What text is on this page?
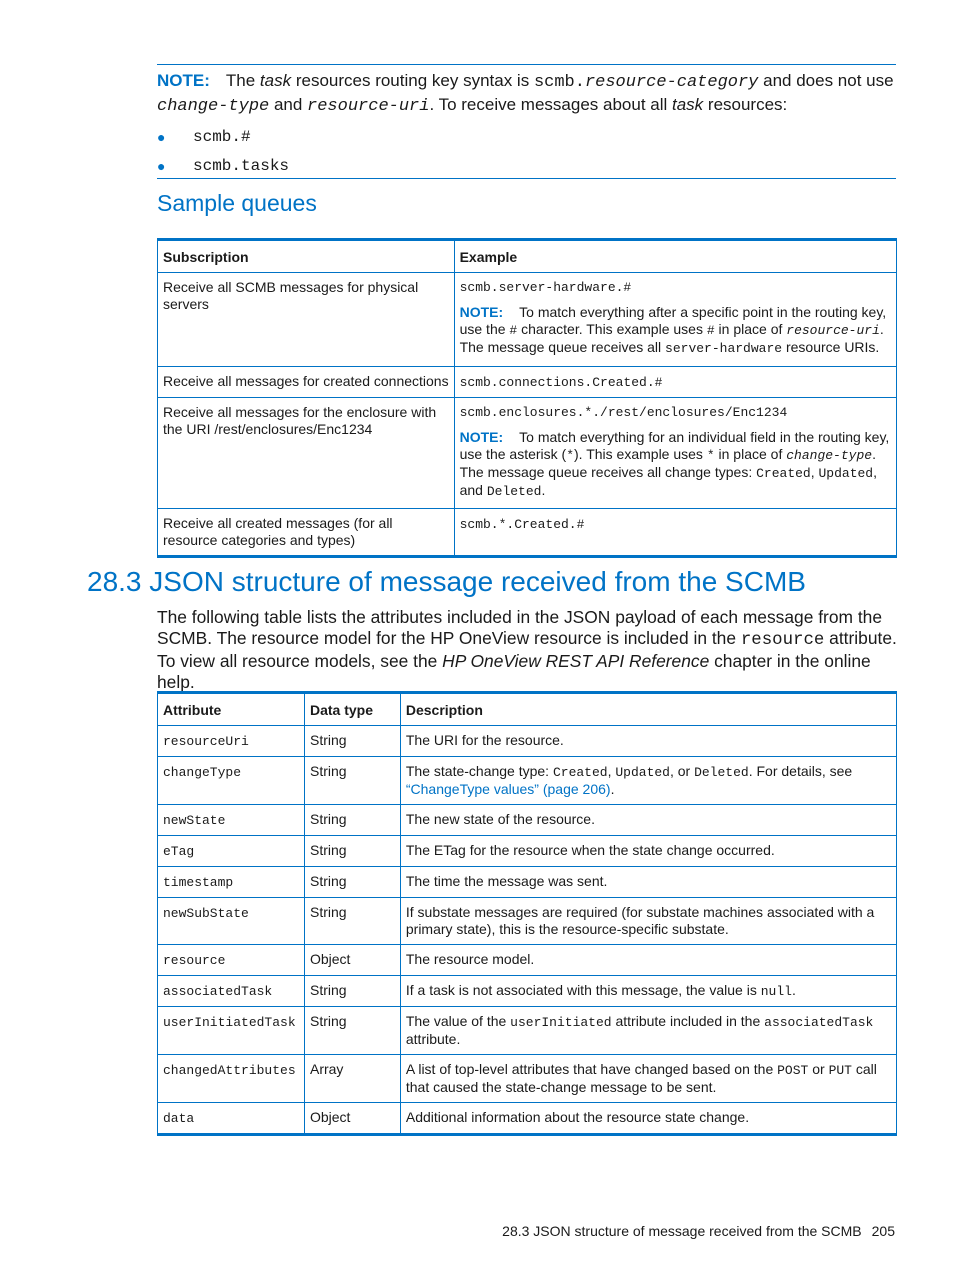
NOTE: The task resources routing key syntax is scmb.resource-category and does not use change-type and resource-uri. To receive messages about all task resources:
●	scmb.#
●	scmb.tasks
Sample queues
Subscription	Example
Receive all SCMB messages for physical servers	scmb.server-hardware.#
NOTE: To match everything after a specific point in the routing key, use the # character. This example uses # in place of resource-uri. The message queue receives all server-hardware resource URIs.

Receive all messages for created connections	scmb.connections.Created.#
Receive all messages for the enclosure with the URI /rest/enclosures/Enc1234	scmb.enclosures.*./rest/enclosures/Enc1234
NOTE: To match everything for an individual field in the routing key, use the asterisk (*). This example uses * in place of change-type. The message queue receives all change types: Created, Updated, and Deleted.

Receive all created messages (for all resource categories and types)	scmb.*.Created.#
28.3 JSON structure of message received from the SCMB
The following table lists the attributes included in the JSON payload of each message from the SCMB. The resource model for the HP OneView resource is included in the resource attribute. To view all resource models, see the HP OneView REST API Reference chapter in the online help.
Attribute	Data type	Description
resourceUri	String	The URI for the resource.
changeType	String	The state-change type: Created, Updated, or Deleted. For details, see “ChangeType values” (page 206).
newState	String	The new state of the resource.
eTag	String	The ETag for the resource when the state change occurred.
timestamp	String	The time the message was sent.
newSubState	String	If substate messages are required (for substate machines associated with a primary state), this is the resource-specific substate.
resource	Object	The resource model.
associatedTask	String	If a task is not associated with this message, the value is null.
userInitiatedTask	String	The value of the userInitiated attribute included in the associatedTask attribute.
changedAttributes	Array	A list of top-level attributes that have changed based on the POST or PUT call that caused the state-change message to be sent.
data	Object	Additional information about the resource state change.
28.3 JSON structure of message received from the SCMB 205
